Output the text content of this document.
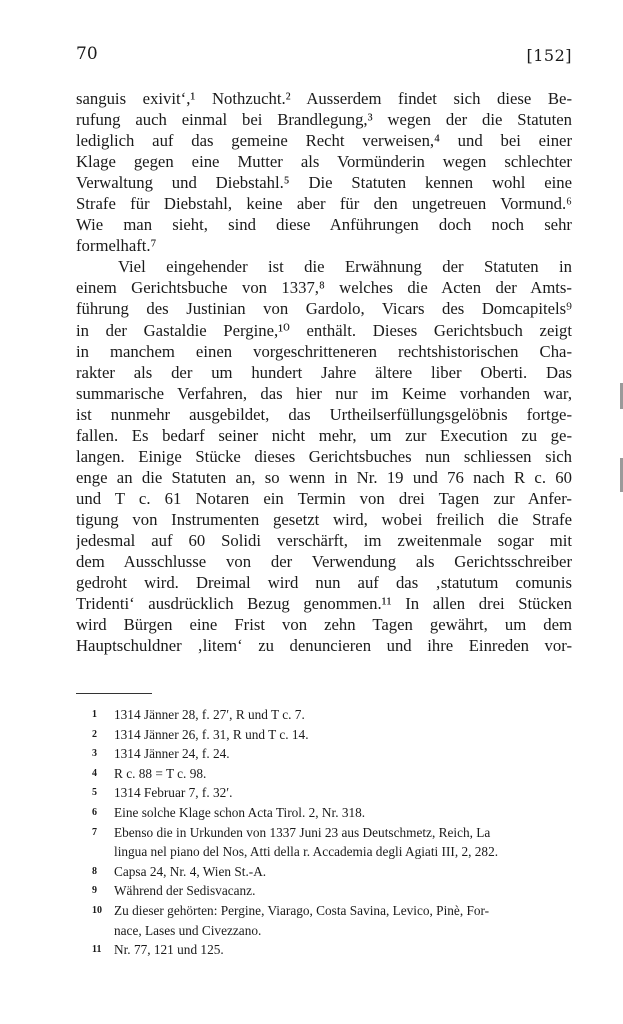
70	[152]
sanguis exivit‘,¹ Nothzucht.² Ausserdem findet sich diese Be-
rufung auch einmal bei Brandlegung,³ wegen der die Statuten
lediglich auf das gemeine Recht verweisen,⁴ und bei einer
Klage gegen eine Mutter als Vormünderin wegen schlechter
Verwaltung und Diebstahl.⁵ Die Statuten kennen wohl eine
Strafe für Diebstahl, keine aber für den ungetreuen Vormund.⁶
Wie man sieht, sind diese Anführungen doch noch sehr
formelhaft.⁷
Viel eingehender ist die Erwähnung der Statuten in
einem Gerichtsbuche von 1337,⁸ welches die Acten der Amts-
führung des Justinian von Gardolo, Vicars des Domcapitels⁹
in der Gastaldie Pergine,¹⁰ enthält. Dieses Gerichtsbuch zeigt
in manchem einen vorgeschritteneren rechtshistorischen Cha-
rakter als der um hundert Jahre ältere liber Oberti. Das
summarische Verfahren, das hier nur im Keime vorhanden war,
ist nunmehr ausgebildet, das Urtheilserfüllungsgelöbnis fortge-
fallen. Es bedarf seiner nicht mehr, um zur Execution zu ge-
langen. Einige Stücke dieses Gerichtsbuches nun schliessen sich
enge an die Statuten an, so wenn in Nr. 19 und 76 nach R c. 60
und T c. 61 Notaren ein Termin von drei Tagen zur Anfer-
tigung von Instrumenten gesetzt wird, wobei freilich die Strafe
jedesmal auf 60 Solidi verschärft, im zweitenmale sogar mit
dem Ausschlusse von der Verwendung als Gerichtsschreiber
gedroht wird. Dreimal wird nun auf das ‚statutum comunis
Tridenti‘ ausdrücklich Bezug genommen.¹¹ In allen drei Stücken
wird Bürgen eine Frist von zehn Tagen gewährt, um dem
Hauptschuldner ‚litem‘ zu denuncieren und ihre Einreden vor-
1 1314 Jänner 28, f. 27′, R und T c. 7.
2 1314 Jänner 26, f. 31, R und T c. 14.
3 1314 Jänner 24, f. 24.
4 R c. 88 = T c. 98.
5 1314 Februar 7, f. 32′.
6 Eine solche Klage schon Acta Tirol. 2, Nr. 318.
7 Ebenso die in Urkunden von 1337 Juni 23 aus Deutschmetz, Reich, La
lingua nel piano del Nos, Atti della r. Accademia degli Agiati III, 2, 282.
8 Capsa 24, Nr. 4, Wien St.-A.
9 Während der Sedisvacanz.
10 Zu dieser gehörten: Pergine, Viarago, Costa Savina, Levico, Pinè, For-
nace, Lases und Civezzano.
11 Nr. 77, 121 und 125.
